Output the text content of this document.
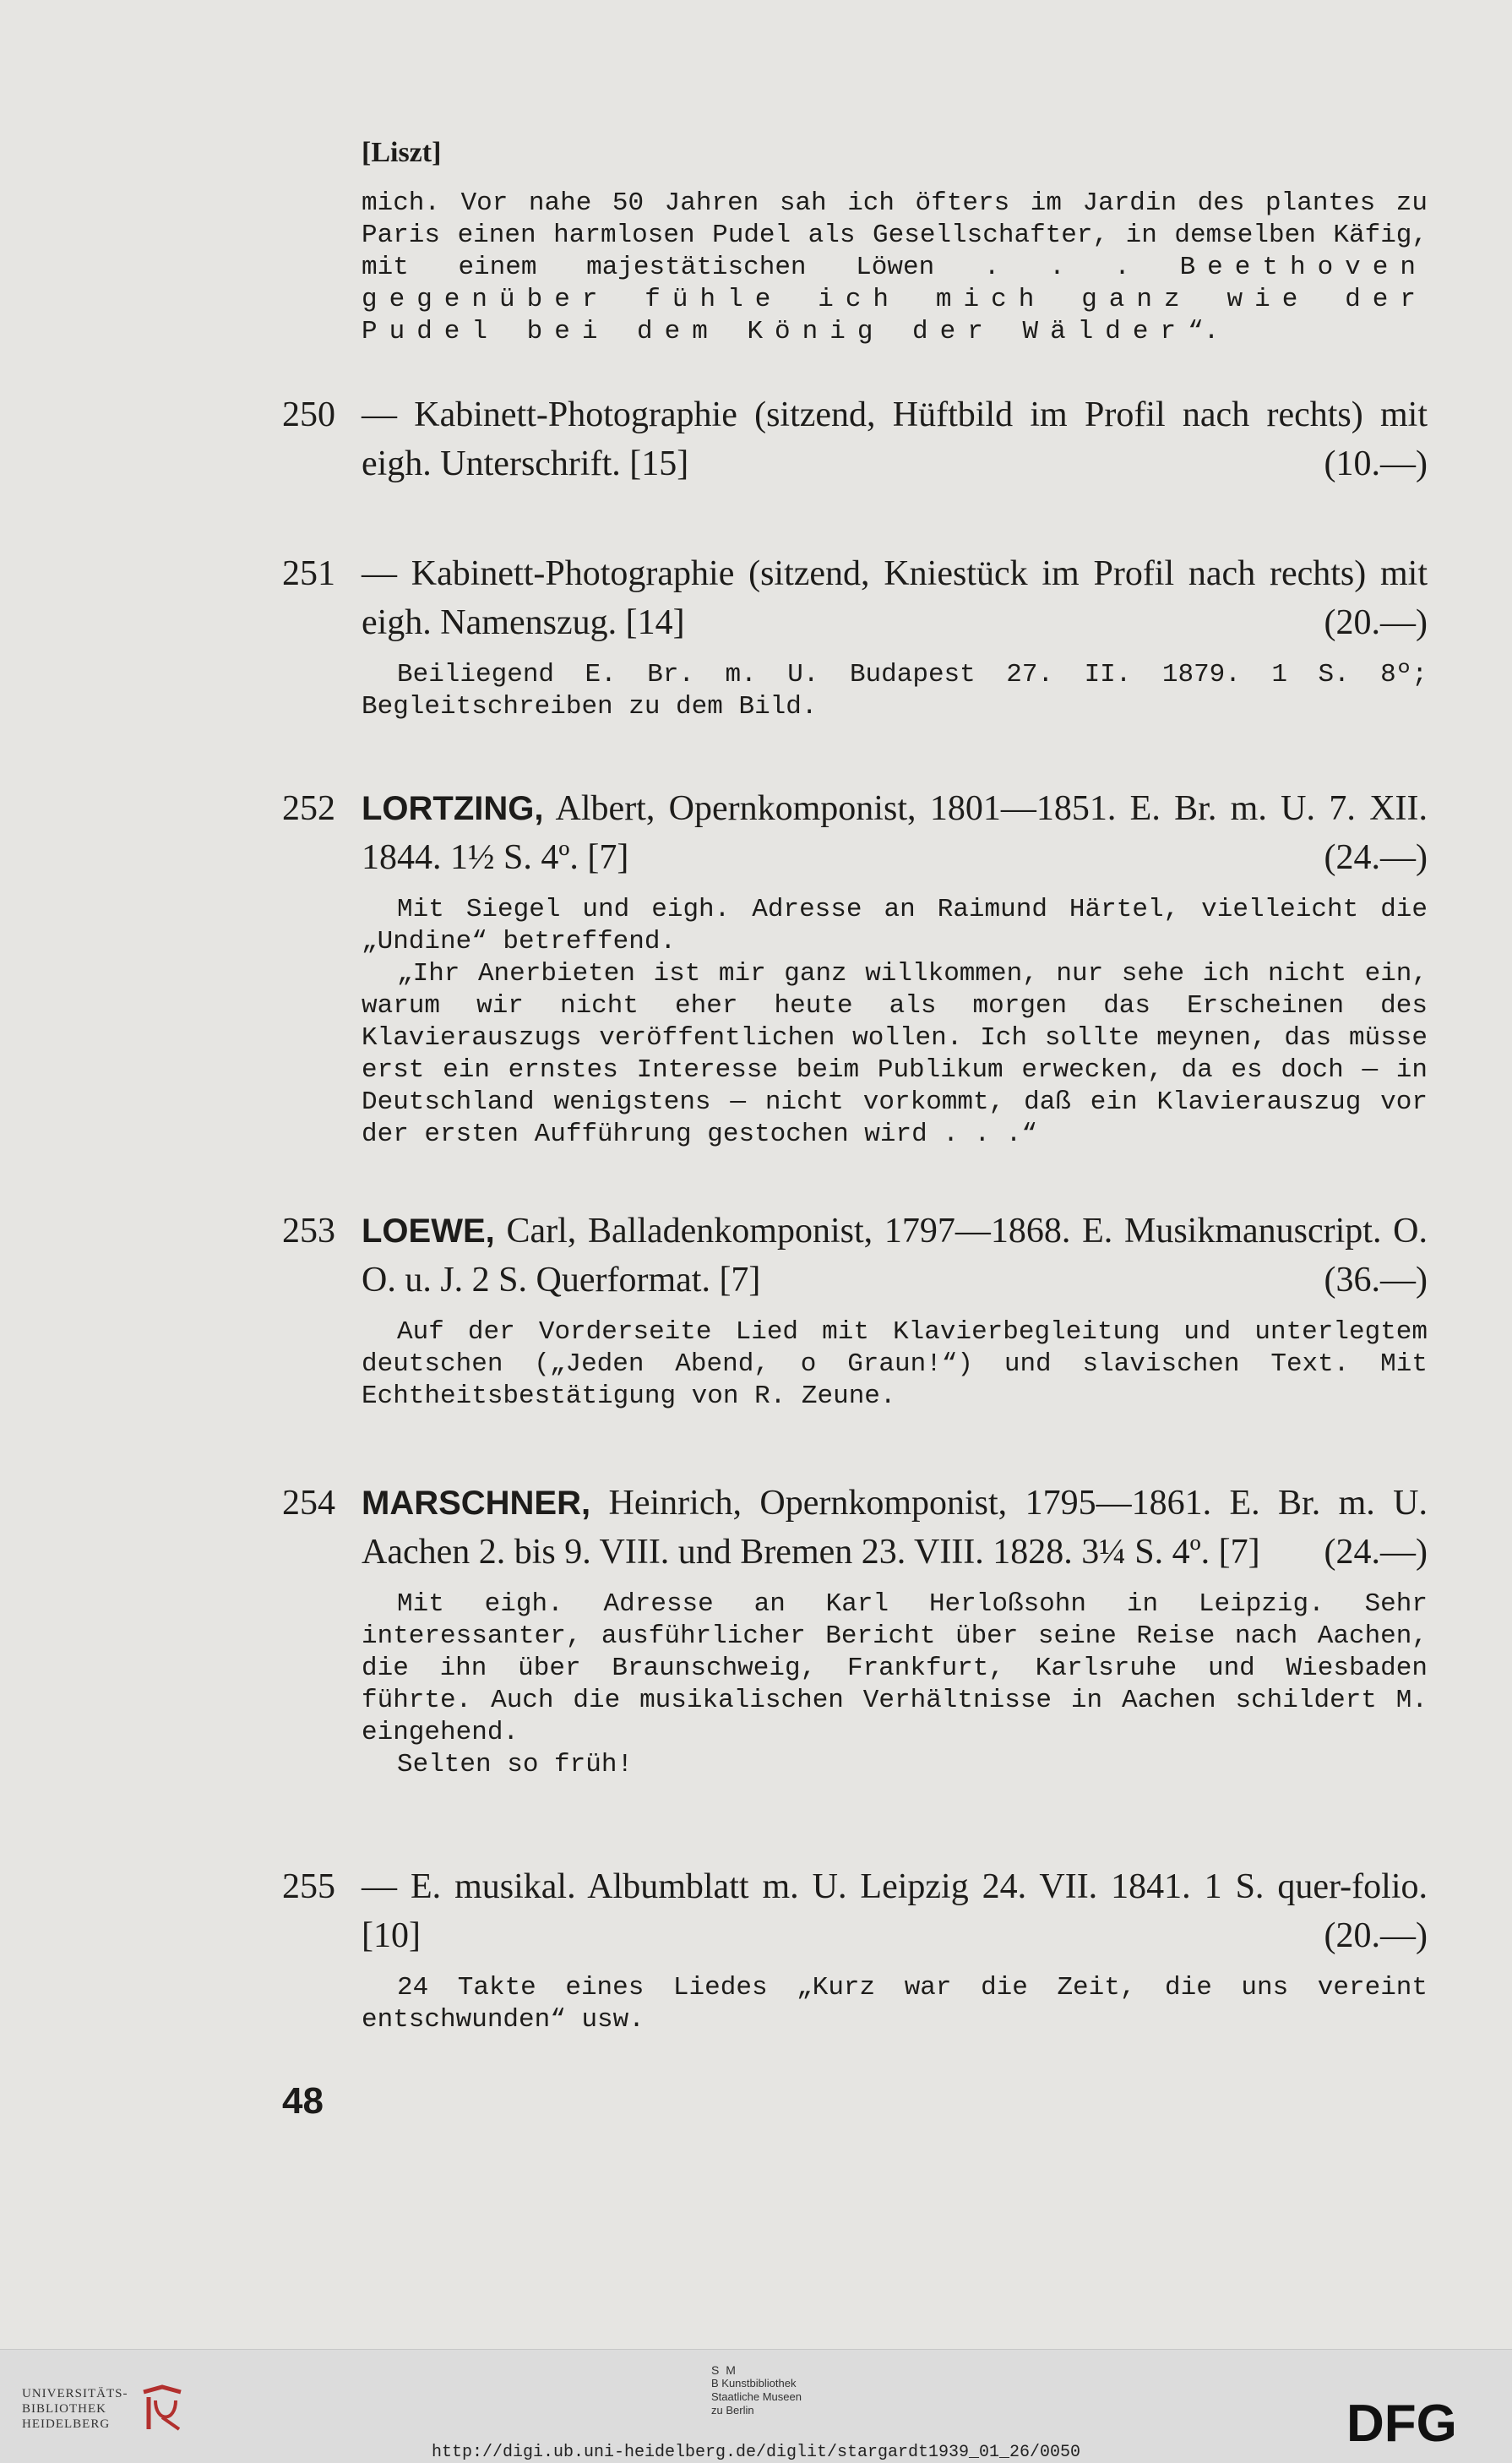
[Liszt]
mich. Vor nahe 50 Jahren sah ich öfters im Jardin des plantes zu Paris einen harmlosen Pudel als Gesellschafter, in demselben Käfig, mit einem majestätischen Löwen . . . Beethoven gegenüber fühle ich mich ganz wie der Pudel bei dem König der Wälder“.
250 — Kabinett-Photographie (sitzend, Hüftbild im Profil nach rechts) mit eigh. Unterschrift. [15]	(10.—)
251 — Kabinett-Photographie (sitzend, Kniestück im Profil nach rechts) mit eigh. Namenszug. [14]	(20.—)

Beiliegend E. Br. m. U. Budapest 27. II. 1879. 1 S. 8º; Begleitschreiben zu dem Bild.

252 LORTZING, Albert, Opernkomponist, 1801—1851. E. Br. m. U. 7. XII. 1844. 1½ S. 4º. [7]	(24.—)

Mit Siegel und eigh. Adresse an Raimund Härtel, vielleicht die „Undine“ betreffend.

„Ihr Anerbieten ist mir ganz willkommen, nur sehe ich nicht ein, warum wir nicht eher heute als morgen das Erscheinen des Klavierauszugs veröffentlichen wollen. Ich sollte meynen, das müsse erst ein ernstes Interesse beim Publikum erwecken, da es doch — in Deutschland wenigstens — nicht vorkommt, daß ein Klavierauszug vor der ersten Aufführung gestochen wird . . .“

253 LOEWE, Carl, Balladenkomponist, 1797—1868. E. Musikmanuscript. O. O. u. J. 2 S. Querformat. [7]	(36.—)

Auf der Vorderseite Lied mit Klavierbegleitung und unterlegtem deutschen („Jeden Abend, o Graun!“) und slavischen Text. Mit Echtheitsbestätigung von R. Zeune.

254 MARSCHNER, Heinrich, Opernkomponist, 1795—1861. E. Br. m. U. Aachen 2. bis 9. VIII. und Bremen 23. VIII. 1828. 3¼ S. 4º. [7] (24.—)

Mit eigh. Adresse an Karl Herloßsohn in Leipzig. Sehr interessanter, ausführlicher Bericht über seine Reise nach Aachen, die ihn über Braunschweig, Frankfurt, Karlsruhe und Wiesbaden führte. Auch die musikalischen Verhältnisse in Aachen schildert M. eingehend.

Selten so früh!

255 — E. musikal. Albumblatt m. U. Leipzig 24. VII. 1841. 1 S. quer-folio. [10]	(20.—)

24 Takte eines Liedes „Kurz war die Zeit, die uns vereint entschwunden“ usw.

48
UNIVERSITÄTS-
BIBLIOTHEK
HEIDELBERG
S M
B Kunstbibliothek
Staatliche Museen
zu Berlin	DFG
http://digi.ub.uni-heidelberg.de/diglit/stargardt1939_01_26/0050
